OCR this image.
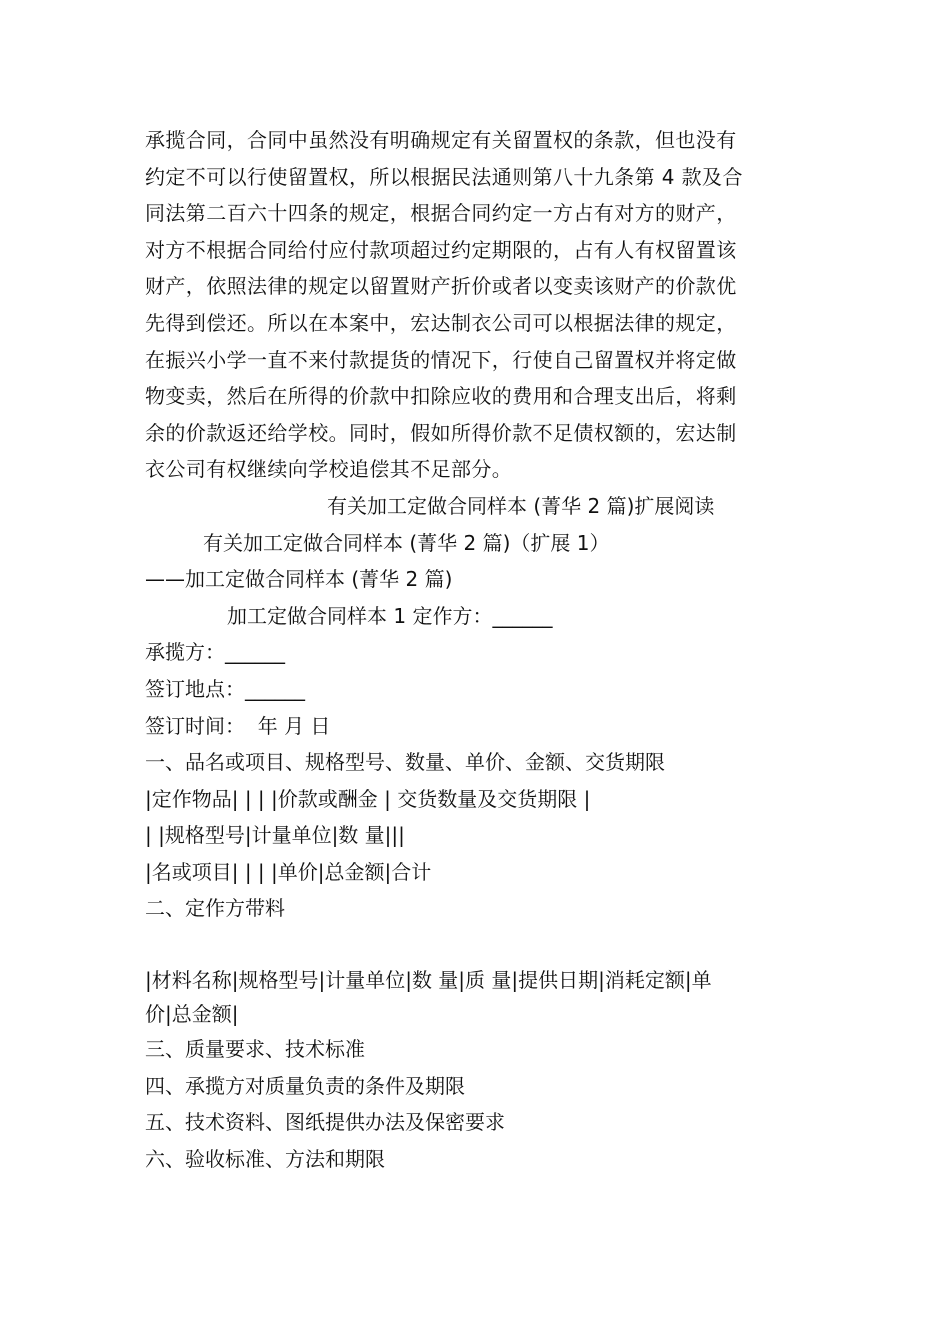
承揽合同，合同中虽然没有明确规定有关留置权的条款，但也没有
约定不可以行使留置权，所以根据民法通则第八十九条第 4 款及合
同法第二百六十四条的规定，根据合同约定一方占有对方的财产，
对方不根据合同给付应付款项超过约定期限的，占有人有权留置该
财产，依照法律的规定以留置财产折价或者以变卖该财产的价款优
先得到偿还。所以在本案中，宏达制衣公司可以根据法律的规定，
在振兴小学一直不来付款提货的情况下，行使自己留置权并将定做
物变卖，然后在所得的价款中扣除应收的费用和合理支出后，将剩
余的价款返还给学校。同时，假如所得价款不足债权额的，宏达制
衣公司有权继续向学校追偿其不足部分。
有关加工定做合同样本 (菁华 2 篇)扩展阅读
有关加工定做合同样本 (菁华 2 篇)（扩展 1）
——加工定做合同样本 (菁华 2 篇)
加工定做合同样本 1 定作方：______
承揽方：______
签订地点：______
签订时间：  年 月 日
一、品名或项目、规格型号、数量、单价、金额、交货期限
|定作物品| | | |价款或酬金 | 交货数量及交货期限 |
| |规格型号|计量单位|数 量|||
|名或项目| | | |单价|总金额|合计
二、定作方带料
|材料名称|规格型号|计量单位|数 量|质 量|提供日期|消耗定额|单
价|总金额|
三、质量要求、技术标准
四、承揽方对质量负责的条件及期限
五、技术资料、图纸提供办法及保密要求
六、验收标准、方法和期限
